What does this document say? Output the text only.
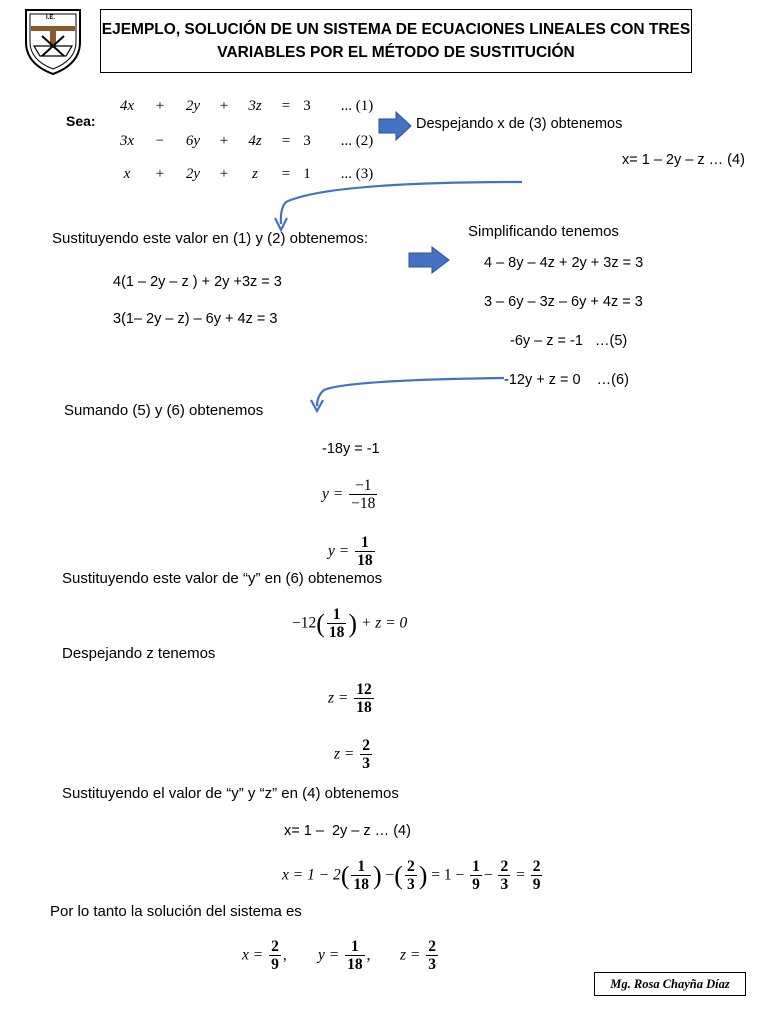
I.E.
EJEMPLO, SOLUCIÓN DE UN SISTEMA DE ECUACIONES LINEALES CON TRES
VARIABLES POR EL MÉTODO DE SUSTITUCIÓN
Sea:
4x	+	2y	+	3z	= 3	... (1)
3x	−	6y	+	4z	= 3	... (2)
x	+	2y	+	z	= 1	... (3)
Despejando x de (3) obtenemos
x= 1 – 2y – z … (4)
Sustituyendo este valor en (1) y (2) obtenemos:
4(1 – 2y – z ) + 2y +3z = 3
3(1– 2y – z) – 6y + 4z = 3
Simplificando tenemos
4 – 8y – 4z + 2y + 3z = 3
3 – 6y – 3z – 6y + 4z = 3
-6y – z = -1   …(5)
-12y + z = 0    …(6)
Sumando (5) y (6) obtenemos
-18y = -1
$y = \frac{-1}{-18}$
$y = \frac{1}{18}$
Sustituyendo este valor de “y” en (6) obtenemos
$-12( \frac{1}{18}$ ) + z = 0
Despejando z tenemos
$z = \frac{12}{18}$
$z = \frac{2}{3}$
Sustituyendo el valor de “y” y “z” en (4) obtenemos
x= 1 –  2y – z … (4)
$x = 1 - 2( \frac{1}{18}$ ) −( $\frac{2}{3}$ ) = $1 - \frac{1}{9} - \frac{2}{3} = \frac{2}{9}$
Por lo tanto la solución del sistema es
$x = \frac{2}{9}$ , $y = \frac{1}{18}$ , $z = \frac{2}{3}$
Mg. Rosa Chayña Díaz
